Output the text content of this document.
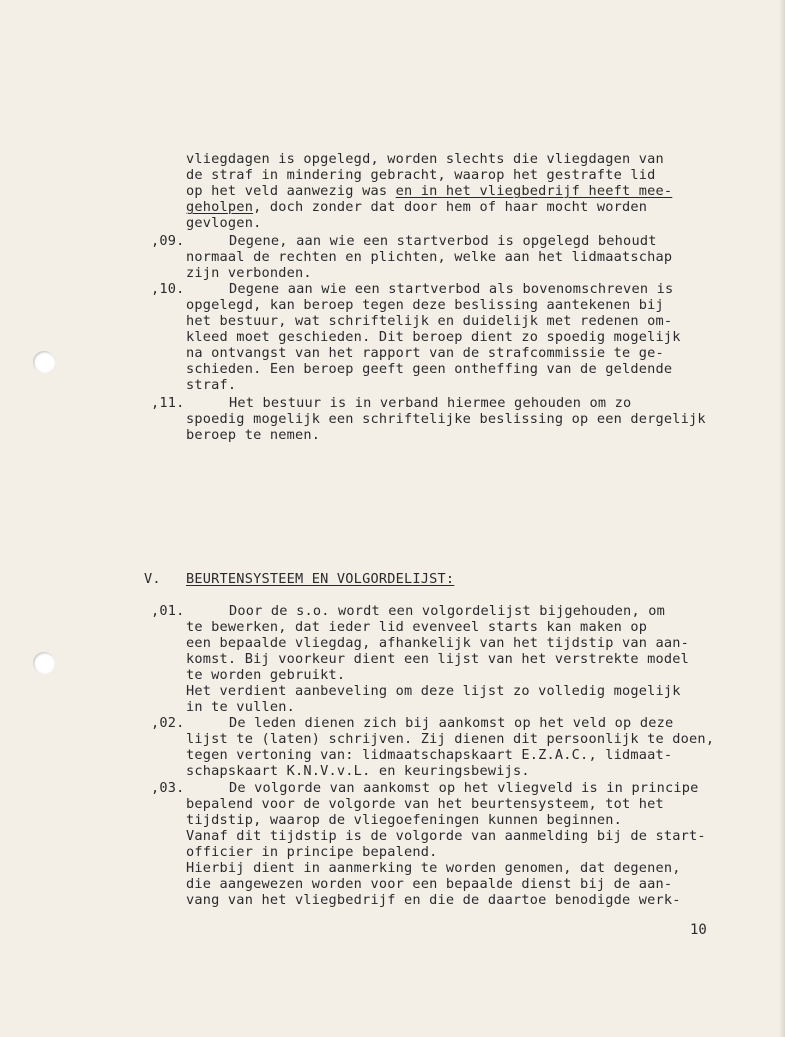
vliegdagen is opgelegd, worden slechts die vliegdagen van
de straf in mindering gebracht, waarop het gestrafte lid
op het veld aanwezig was en in het vliegbedrijf heeft mee-
geholpen, doch zonder dat door hem of haar mocht worden
gevlogen.
,09.	Degene, aan wie een startverbod is opgelegd behoudt
normaal de rechten en plichten, welke aan het lidmaatschap
zijn verbonden.
,10.	Degene aan wie een startverbod als bovenomschreven is
opgelegd, kan beroep tegen deze beslissing aantekenen bij
het bestuur, wat schriftelijk en duidelijk met redenen om-
kleed moet geschieden. Dit beroep dient zo spoedig mogelijk
na ontvangst van het rapport van de strafcommissie te ge-
schieden. Een beroep geeft geen ontheffing van de geldende
straf.
,11.	Het bestuur is in verband hiermee gehouden om zo
spoedig mogelijk een schriftelijke beslissing op een dergelijk
beroep te nemen.
V. BEURTENSYSTEEM EN VOLGORDELIJST:
,01.	Door de s.o. wordt een volgordelijst bijgehouden, om
te bewerken, dat ieder lid evenveel starts kan maken op
een bepaalde vliegdag, afhankelijk van het tijdstip van aan-
komst. Bij voorkeur dient een lijst van het verstrekte model
te worden gebruikt.
Het verdient aanbeveling om deze lijst zo volledig mogelijk
in te vullen.
,02.	De leden dienen zich bij aankomst op het veld op deze
lijst te (laten) schrijven. Zij dienen dit persoonlijk te doen,
tegen vertoning van: lidmaatschapskaart E.Z.A.C., lidmaat-
schapskaart K.N.V.v.L. en keuringsbewijs.
,03.	De volgorde van aankomst op het vliegveld is in principe
bepalend voor de volgorde van het beurtensysteem, tot het
tijdstip, waarop de vliegoefeningen kunnen beginnen.
Vanaf dit tijdstip is de volgorde van aanmelding bij de start-
officier in principe bepalend.
Hierbij dient in aanmerking te worden genomen, dat degenen,
die aangewezen worden voor een bepaalde dienst bij de aan-
vang van het vliegbedrijf en die de daartoe benodigde werk-
10
